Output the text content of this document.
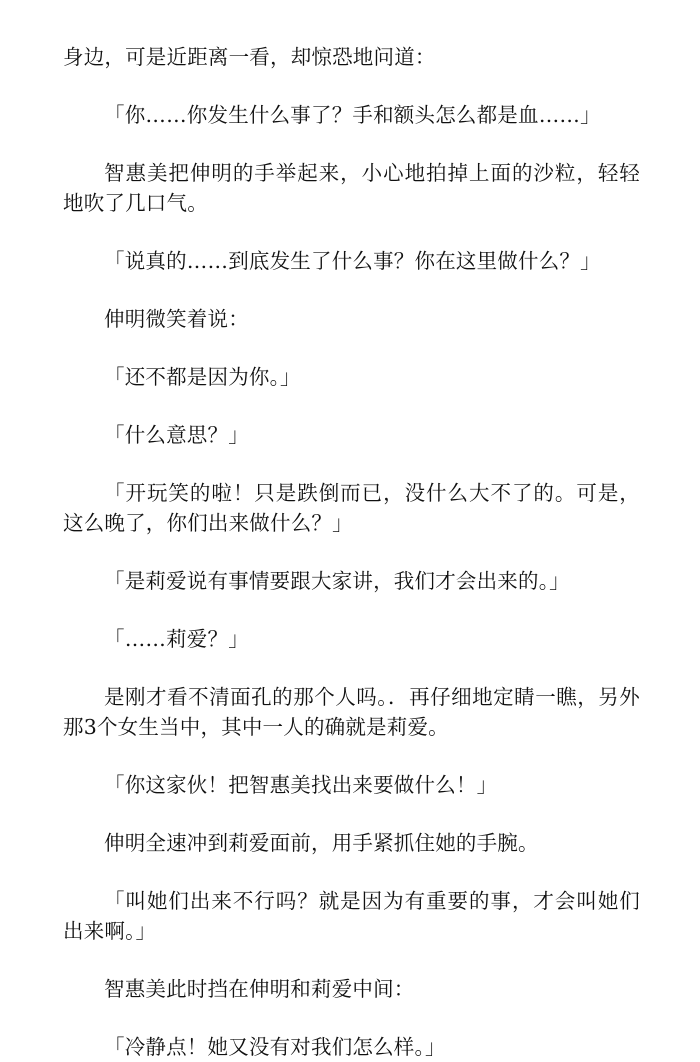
身边，可是近距离一看，却惊恐地问道：

「你……你发生什么事了？手和额头怎么都是血……」

智惠美把伸明的手举起来，小心地拍掉上面的沙粒，轻轻地吹了几口气。

「说真的……到底发生了什么事？你在这里做什么？」

伸明微笑着说：

「还不都是因为你。」

「什么意思？」

「开玩笑的啦！只是跌倒而已，没什么大不了的。可是，这么晚了，你们出来做什么？」

「是莉爱说有事情要跟大家讲，我们才会出来的。」

「……莉爱？」

是刚才看不清面孔的那个人吗。．再仔细地定睛一瞧，另外那3个女生当中，其中一人的确就是莉爱。

「你这家伙！把智惠美找出来要做什么！」

伸明全速冲到莉爱面前，用手紧抓住她的手腕。

「叫她们出来不行吗？就是因为有重要的事，才会叫她们出来啊。」

智惠美此时挡在伸明和莉爱中间：

「冷静点！她又没有对我们怎么样。」
